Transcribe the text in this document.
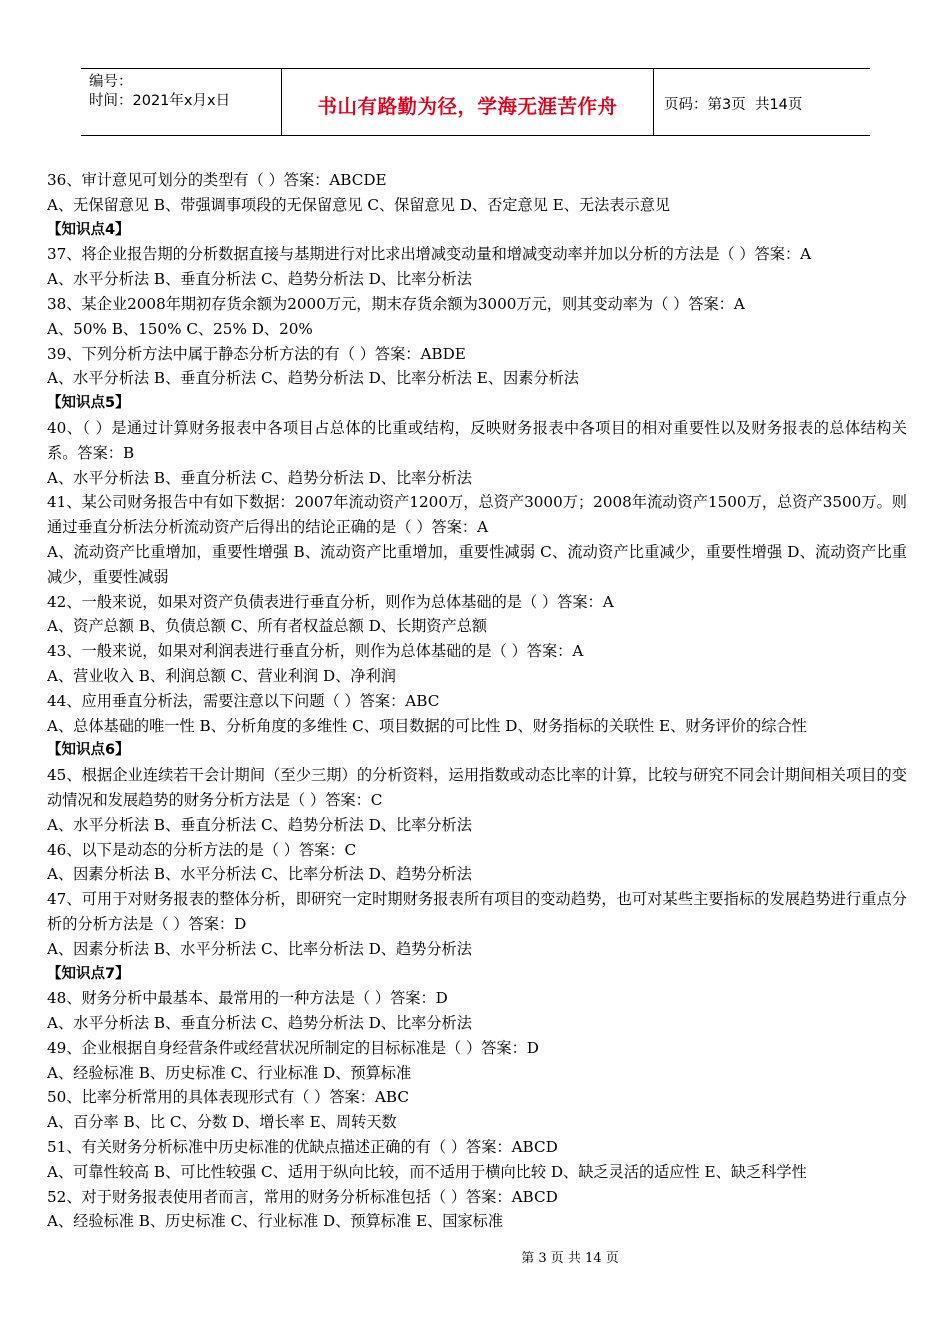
编号：
时间：2021年x月x日	书山有路勤为径，学海无涯苦作舟	页码：第3页  共14页
36、审计意见可划分的类型有（ ）答案：ABCDE
A、无保留意见 B、带强调事项段的无保留意见 C、保留意见 D、否定意见 E、无法表示意见
【知识点4】
37、将企业报告期的分析数据直接与基期进行对比求出增减变动量和增减变动率并加以分析的方法是（ ）答案：A
A、水平分析法 B、垂直分析法 C、趋势分析法 D、比率分析法
38、某企业2008年期初存货余额为2000万元，期末存货余额为3000万元，则其变动率为（ ）答案：A
A、50% B、150% C、25% D、20%
39、下列分析方法中属于静态分析方法的有（ ）答案：ABDE
A、水平分析法 B、垂直分析法 C、趋势分析法 D、比率分析法 E、因素分析法
【知识点5】
40、（ ）是通过计算财务报表中各项目占总体的比重或结构，反映财务报表中各项目的相对重要性以及财务报表的总体结构关系。答案：B
A、水平分析法 B、垂直分析法 C、趋势分析法 D、比率分析法
41、某公司财务报告中有如下数据：2007年流动资产1200万，总资产3000万；2008年流动资产1500万，总资产3500万。则通过垂直分析法分析流动资产后得出的结论正确的是（ ）答案：A
A、流动资产比重增加，重要性增强 B、流动资产比重增加，重要性减弱 C、流动资产比重减少，重要性增强 D、流动资产比重减少，重要性减弱
42、一般来说，如果对资产负债表进行垂直分析，则作为总体基础的是（ ）答案：A
A、资产总额 B、负债总额 C、所有者权益总额 D、长期资产总额
43、一般来说，如果对利润表进行垂直分析，则作为总体基础的是（ ）答案：A
A、营业收入 B、利润总额 C、营业利润 D、净利润
44、应用垂直分析法，需要注意以下问题（ ）答案：ABC
A、总体基础的唯一性 B、分析角度的多维性 C、项目数据的可比性 D、财务指标的关联性 E、财务评价的综合性
【知识点6】
45、根据企业连续若干会计期间（至少三期）的分析资料，运用指数或动态比率的计算，比较与研究不同会计期间相关项目的变动情况和发展趋势的财务分析方法是（ ）答案：C
A、水平分析法 B、垂直分析法 C、趋势分析法 D、比率分析法
46、以下是动态的分析方法的是（ ）答案：C
A、因素分析法 B、水平分析法 C、比率分析法 D、趋势分析法
47、可用于对财务报表的整体分析，即研究一定时期财务报表所有项目的变动趋势，也可对某些主要指标的发展趋势进行重点分析的分析方法是（ ）答案：D
A、因素分析法 B、水平分析法 C、比率分析法 D、趋势分析法
【知识点7】
48、财务分析中最基本、最常用的一种方法是（ ）答案：D
A、水平分析法 B、垂直分析法 C、趋势分析法 D、比率分析法
49、企业根据自身经营条件或经营状况所制定的目标标准是（ ）答案：D
A、经验标准 B、历史标准 C、行业标准 D、预算标准
50、比率分析常用的具体表现形式有（ ）答案：ABC
A、百分率 B、比 C、分数 D、增长率 E、周转天数
51、有关财务分析标准中历史标准的优缺点描述正确的有（ ）答案：ABCD
A、可靠性较高 B、可比性较强 C、适用于纵向比较，而不适用于横向比较 D、缺乏灵活的适应性 E、缺乏科学性
52、对于财务报表使用者而言，常用的财务分析标准包括（ ）答案：ABCD
A、经验标准 B、历史标准 C、行业标准 D、预算标准 E、国家标准
第 3 页 共 14 页
